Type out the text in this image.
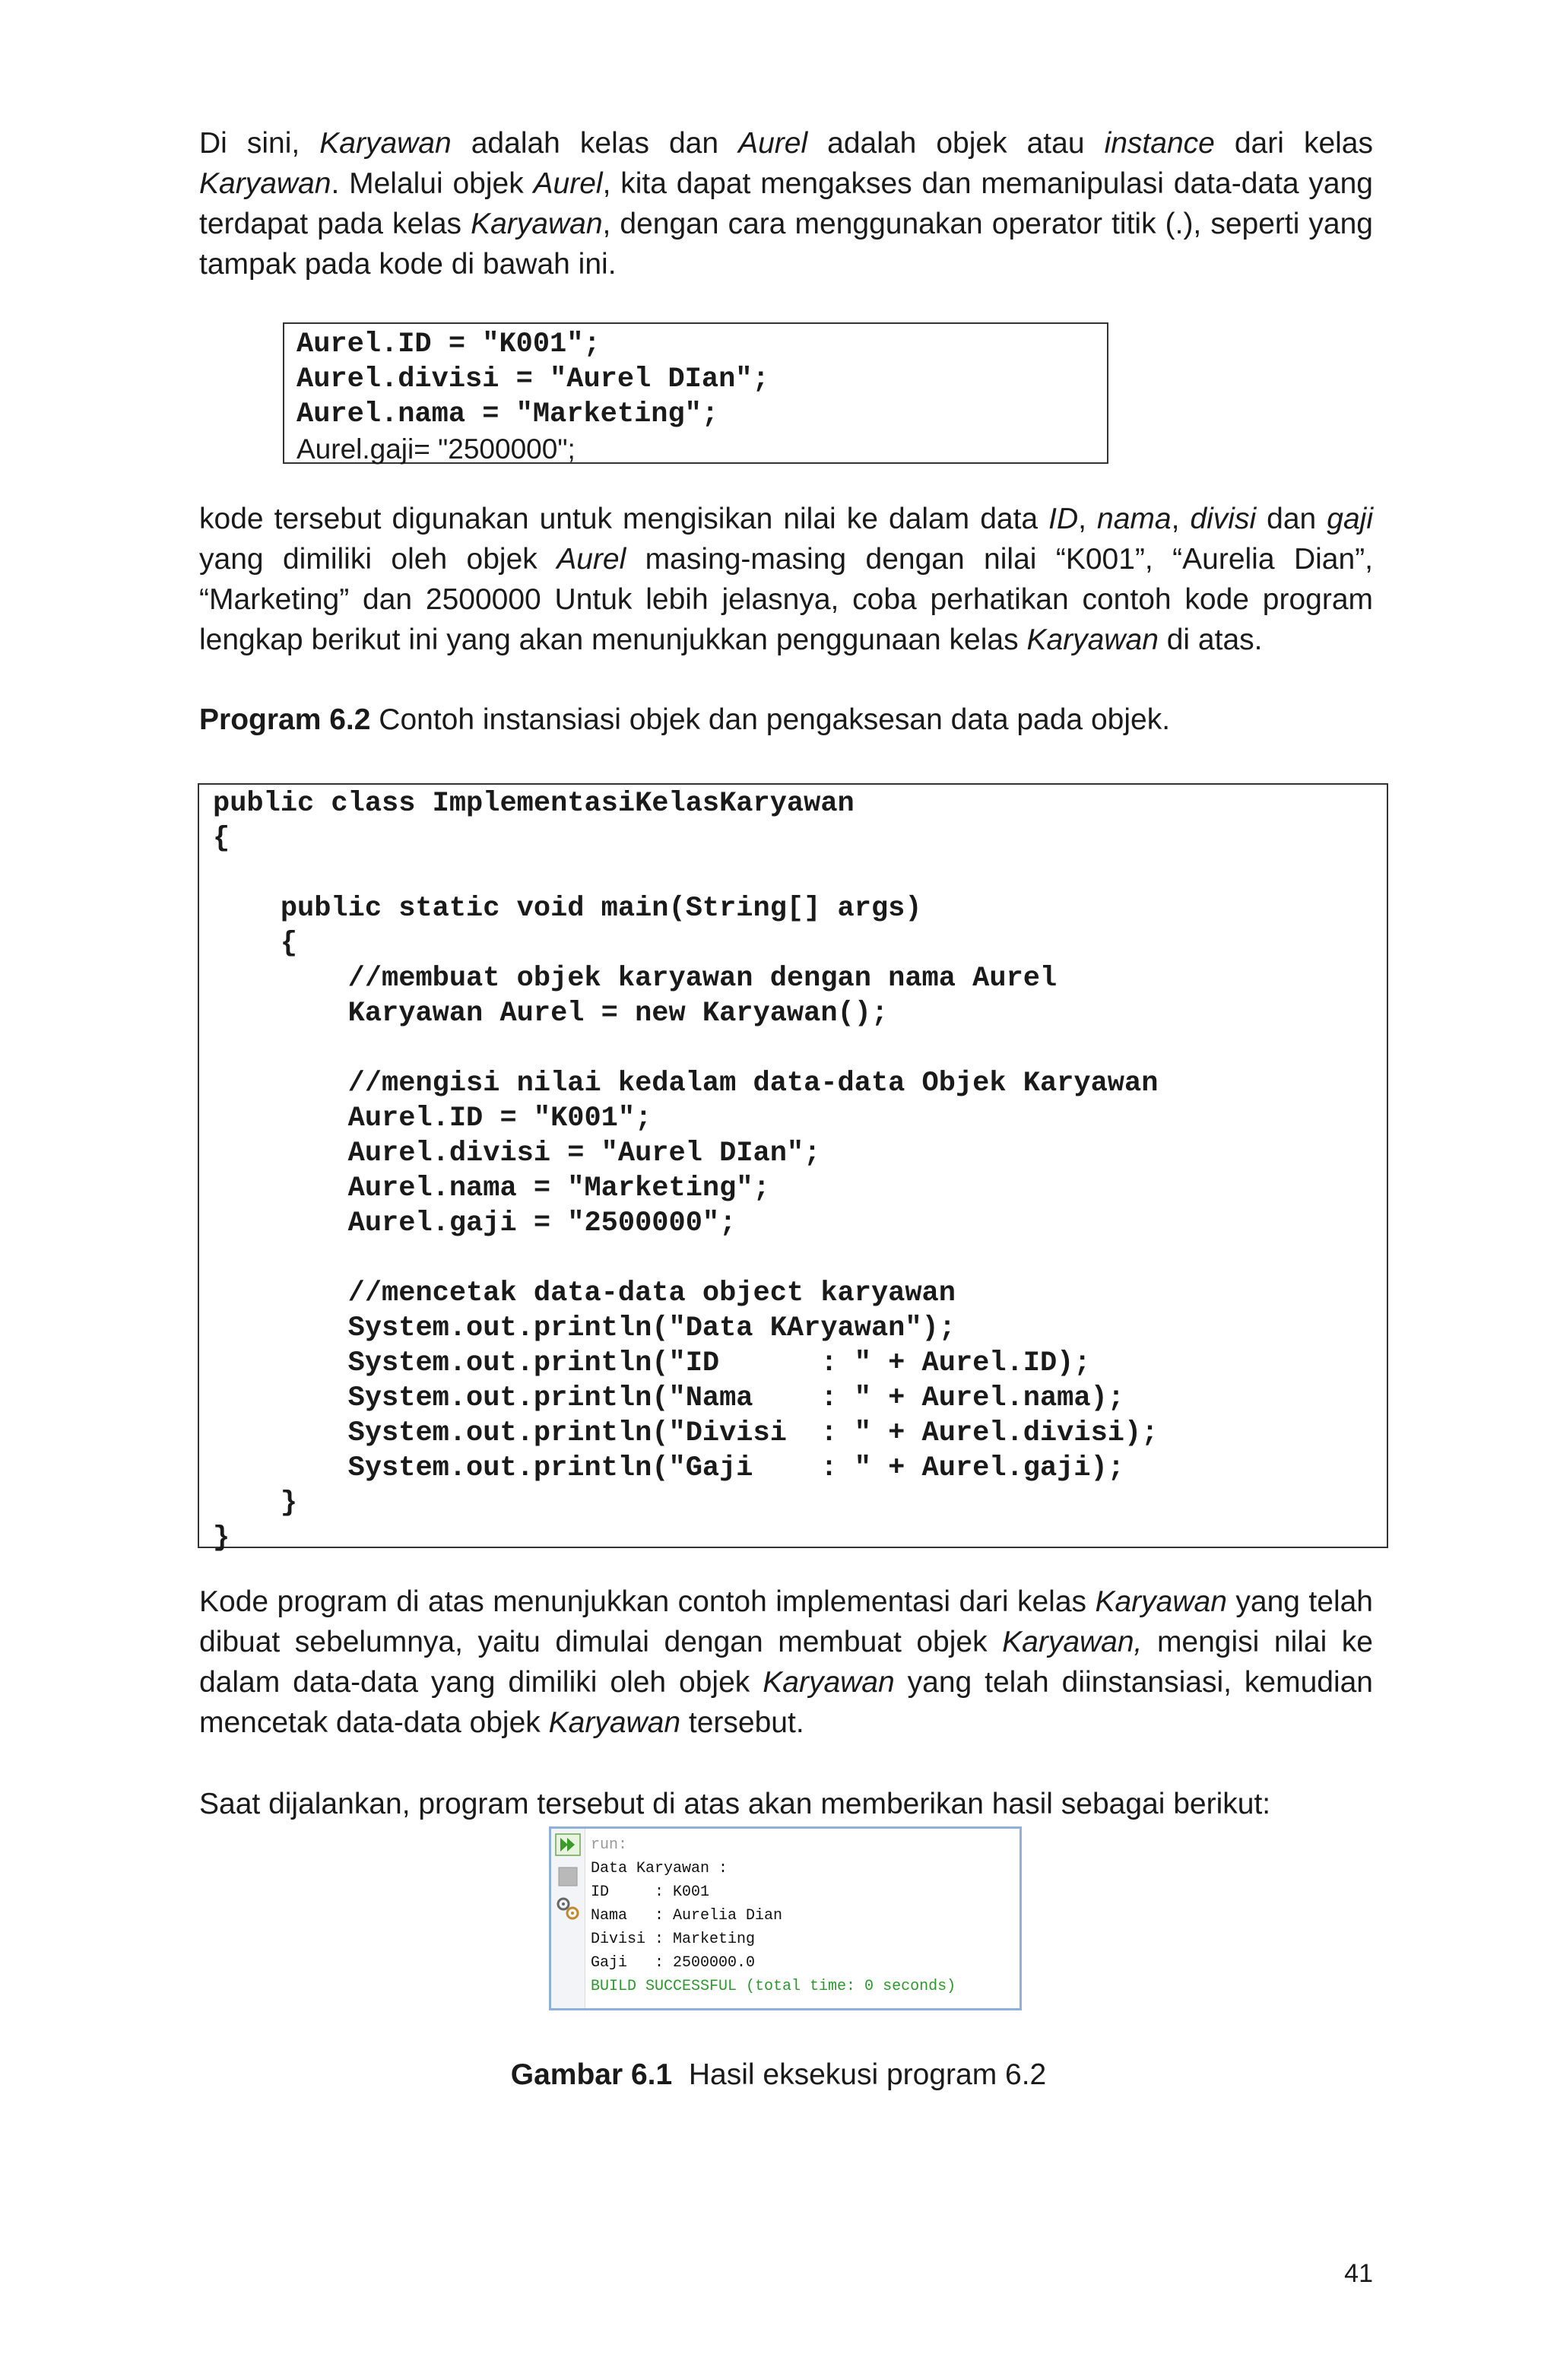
Di sini, Karyawan adalah kelas dan Aurel adalah objek atau instance dari kelas Karyawan. Melalui objek Aurel, kita dapat mengakses dan memanipulasi data-data yang terdapat pada kelas Karyawan, dengan cara menggunakan operator titik (.), seperti yang tampak pada kode di bawah ini.

Aurel.ID = "K001";
Aurel.divisi = "Aurel DIan";
Aurel.nama = "Marketing";
Aurel.gaji= "2500000";

kode tersebut digunakan untuk mengisikan nilai ke dalam data ID, nama, divisi dan gaji yang dimiliki oleh objek Aurel masing-masing dengan nilai “K001”, “Aurelia Dian”, “Marketing” dan 2500000 Untuk lebih jelasnya, coba perhatikan contoh kode program lengkap berikut ini yang akan menunjukkan penggunaan kelas Karyawan di atas.

Program 6.2 Contoh instansiasi objek dan pengaksesan data pada objek.

public class ImplementasiKelasKaryawan
{
public static void main(String[] args)
{
//membuat objek karyawan dengan nama Aurel
Karyawan Aurel = new Karyawan();
//mengisi nilai kedalam data-data Objek Karyawan
Aurel.ID = "K001";
Aurel.divisi = "Aurel DIan";
Aurel.nama = "Marketing";
Aurel.gaji = "2500000";
//mencetak data-data object karyawan
System.out.println("Data KAryawan");
System.out.println("ID      : " + Aurel.ID);
System.out.println("Nama    : " + Aurel.nama);
System.out.println("Divisi  : " + Aurel.divisi);
System.out.println("Gaji    : " + Aurel.gaji);
}
}

Kode program di atas menunjukkan contoh implementasi dari kelas Karyawan yang telah dibuat sebelumnya, yaitu dimulai dengan membuat objek Karyawan, mengisi nilai ke dalam data-data yang dimiliki oleh objek Karyawan yang telah diinstansiasi, kemudian mencetak data-data objek Karyawan tersebut.

Saat dijalankan, program tersebut di atas akan memberikan hasil sebagai berikut:

run:
Data Karyawan :
ID     : K001
Nama   : Aurelia Dian
Divisi : Marketing
Gaji   : 2500000.0
BUILD SUCCESSFUL (total time: 0 seconds)
Gambar 6.1  Hasil eksekusi program 6.2
41
